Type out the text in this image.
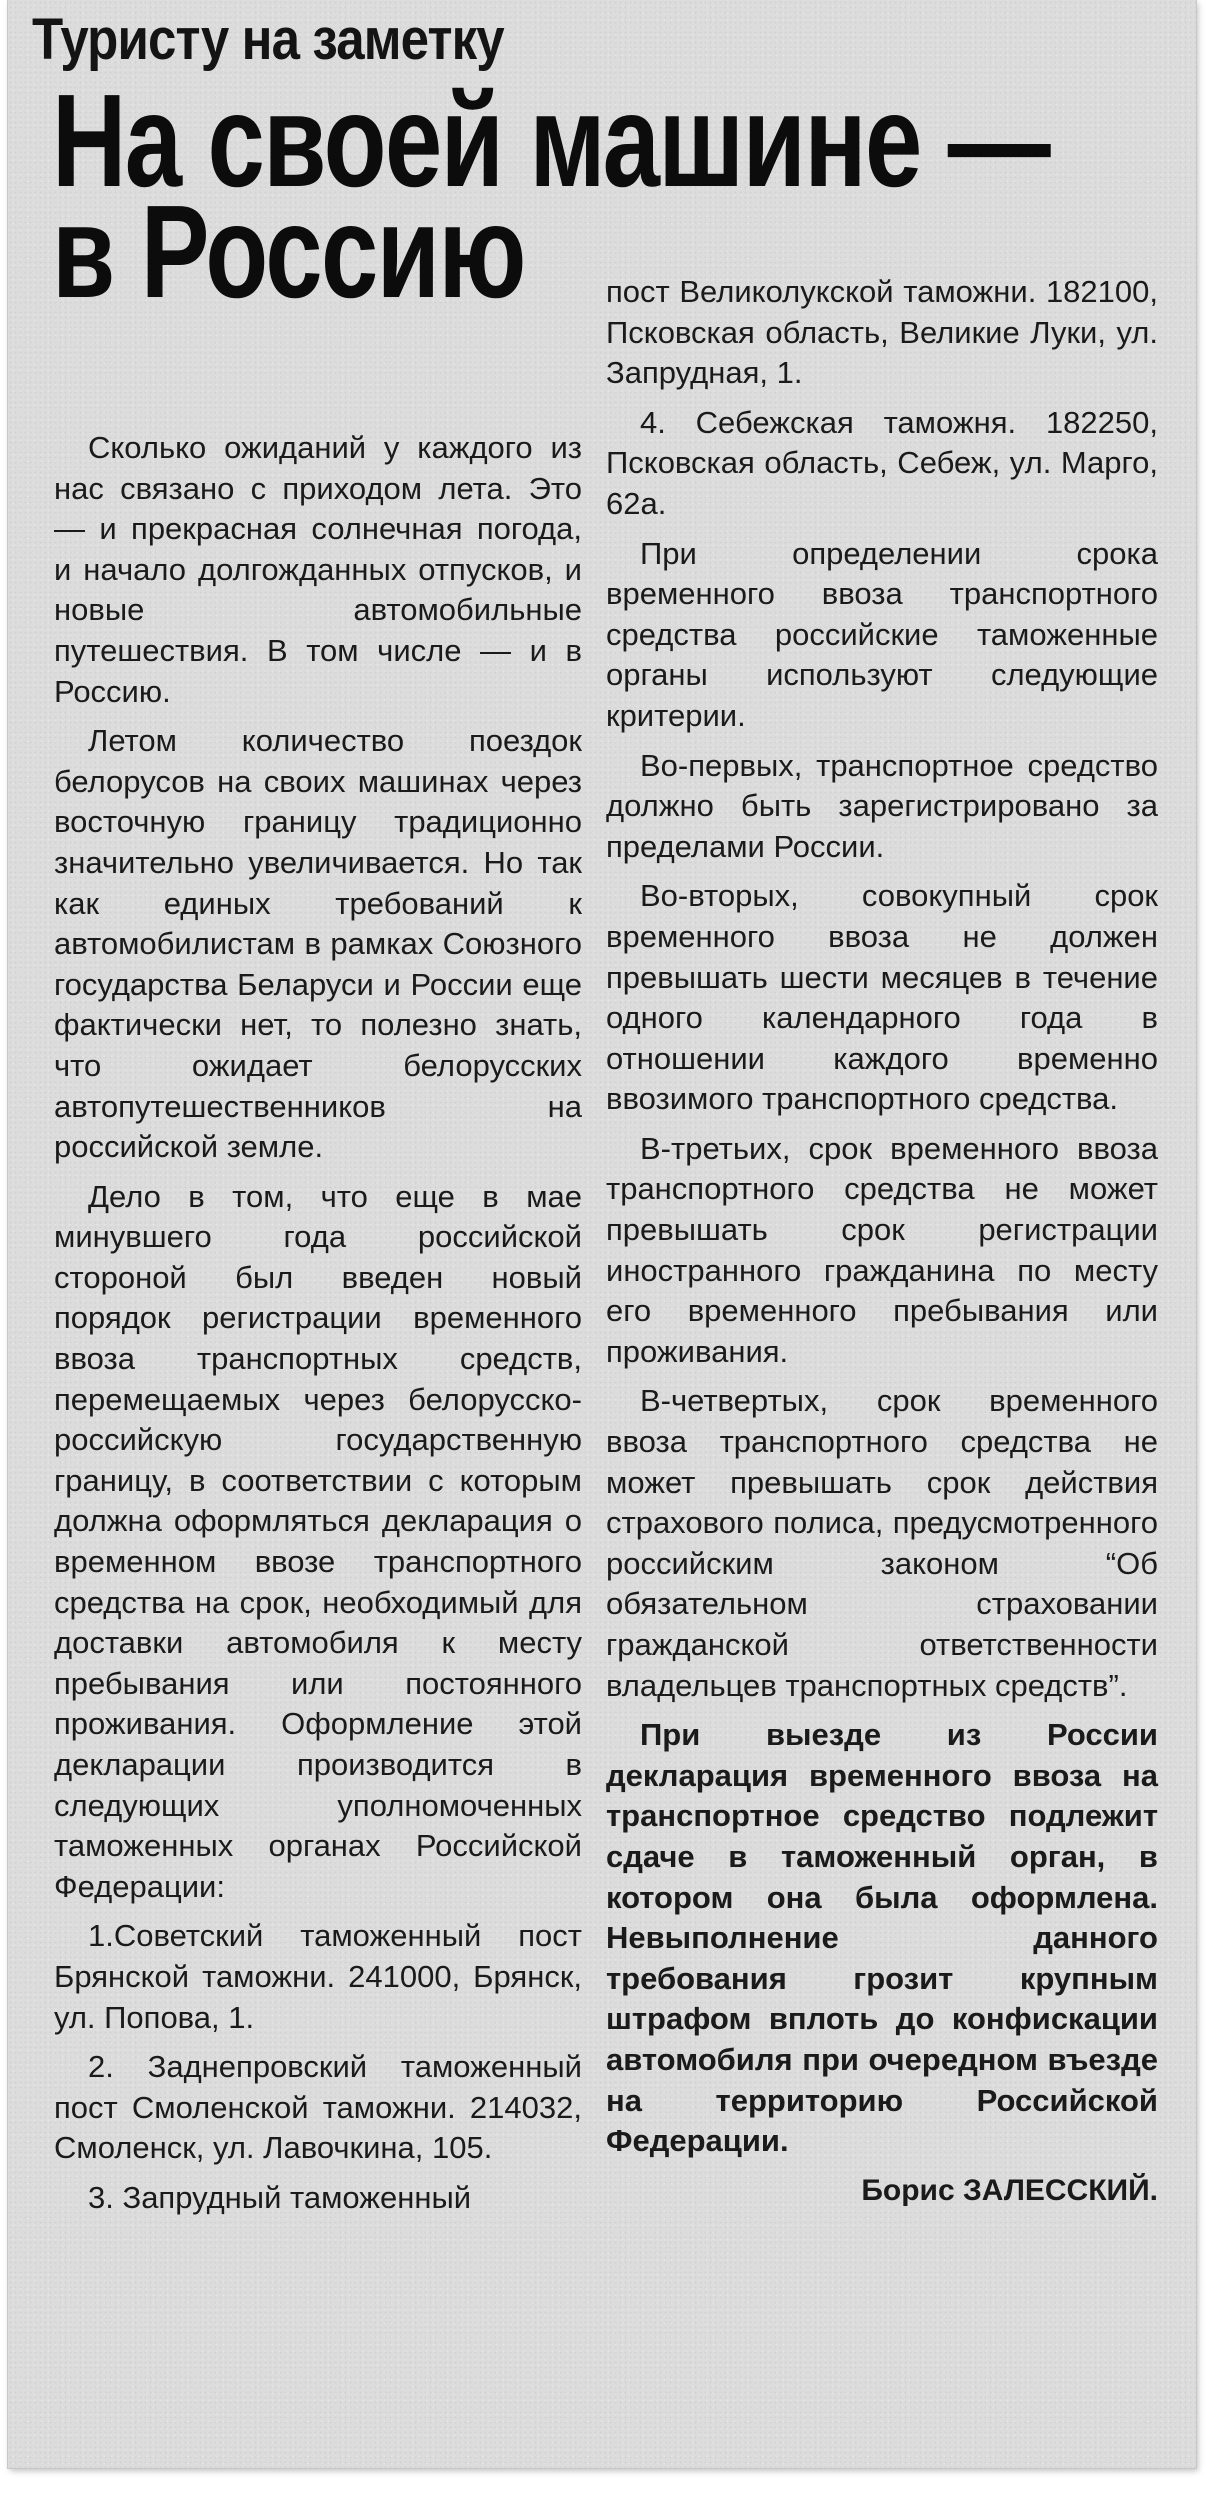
Туристу на заметку
На своей машине —
в Россию

Сколько ожиданий у каждого из нас связано с приходом лета. Это — и прекрасная солнечная погода, и начало долгожданных отпусков, и новые автомобильные путешествия. В том числе — и в Россию.

Летом количество поездок белорусов на своих машинах через восточную границу традиционно значительно увеличивается. Но так как единых требований к автомобилистам в рамках Союзного государства Беларуси и России еще фактически нет, то полезно знать, что ожидает белорусских автопутешественников на российской земле.

Дело в том, что еще в мае минувшего года российской стороной был введен новый порядок регистрации временного ввоза транспортных средств, перемещаемых через белорусско-российскую государственную границу, в соответствии с которым должна оформляться декларация о временном ввозе транспортного средства на срок, необходимый для доставки автомобиля к месту пребывания или постоянного проживания. Оформление этой декларации производится в следующих уполномоченных таможенных органах Российской Федерации:

1.Советский таможенный пост Брянской таможни. 241000, Брянск, ул. Попова, 1.

2. Заднепровский таможенный пост Смоленской таможни. 214032, Смоленск, ул. Лавочкина, 105.

3. Запрудный таможенный

пост Великолукской таможни. 182100, Псковская область, Великие Луки, ул. Запрудная, 1.

4. Себежская таможня. 182250, Псковская область, Себеж, ул. Марго, 62а.

При определении срока временного ввоза транспортного средства российские таможенные органы используют следующие критерии.

Во-первых, транспортное средство должно быть зарегистрировано за пределами России.

Во-вторых, совокупный срок временного ввоза не должен превышать шести месяцев в течение одного календарного года в отношении каждого временно ввозимого транспортного средства.

В-третьих, срок временного ввоза транспортного средства не может превышать срок регистрации иностранного гражданина по месту его временного пребывания или проживания.

В-четвертых, срок временного ввоза транспортного средства не может превышать срок действия страхового полиса, предусмотренного российским законом “Об обязательном страховании гражданской ответственности владельцев транспортных средств”.

При выезде из России декларация временного ввоза на транспортное средство подлежит сдаче в таможенный орган, в котором она была оформлена. Невыполнение данного требования грозит крупным штрафом вплоть до конфискации автомобиля при очередном въезде на территорию Российской Федерации.

Борис ЗАЛЕССКИЙ.
